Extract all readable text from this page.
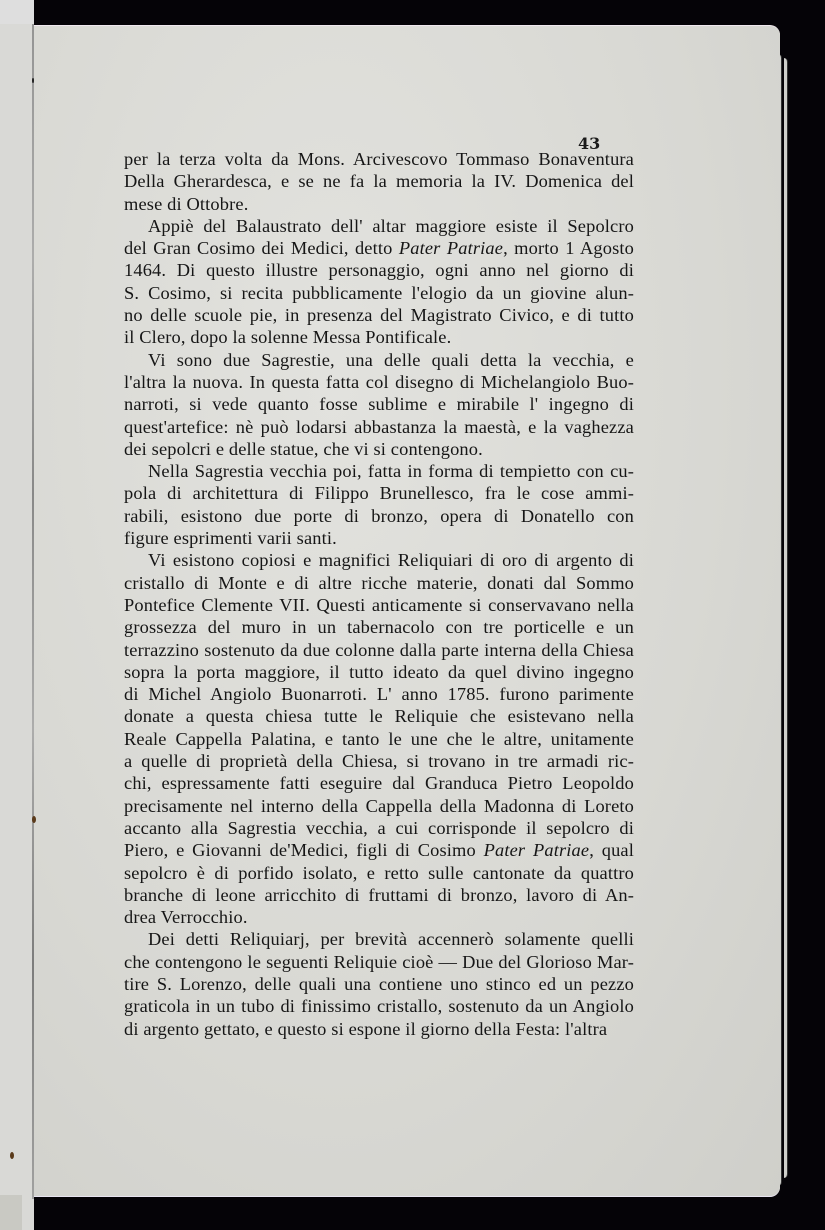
43
per la terza volta da Mons. Arcivescovo Tommaso Bonaventura
Della Gherardesca, e se ne fa la memoria la IV. Domenica del
mese di Ottobre.
Appiè del Balaustrato dell' altar maggiore esiste il Sepolcro
del Gran Cosimo dei Medici, detto Pater Patriae, morto 1 Agosto
1464. Di questo illustre personaggio, ogni anno nel giorno di
S. Cosimo, si recita pubblicamente l'elogio da un giovine alun-
no delle scuole pie, in presenza del Magistrato Civico, e di tutto
il Clero, dopo la solenne Messa Pontificale.
Vi sono due Sagrestie, una delle quali detta la vecchia, e
l'altra la nuova. In questa fatta col disegno di Michelangiolo Buo-
narroti, si vede quanto fosse sublime e mirabile l' ingegno di
quest'artefice: nè può lodarsi abbastanza la maestà, e la vaghezza
dei sepolcri e delle statue, che vi si contengono.
Nella Sagrestia vecchia poi, fatta in forma di tempietto con cu-
pola di architettura di Filippo Brunellesco, fra le cose ammi-
rabili, esistono due porte di bronzo, opera di Donatello con
figure esprimenti varii santi.
Vi esistono copiosi e magnifici Reliquiari di oro di argento di
cristallo di Monte e di altre ricche materie, donati dal Sommo
Pontefice Clemente VII. Questi anticamente si conservavano nella
grossezza del muro in un tabernacolo con tre porticelle e un
terrazzino sostenuto da due colonne dalla parte interna della Chiesa
sopra la porta maggiore, il tutto ideato da quel divino ingegno
di Michel Angiolo Buonarroti. L' anno 1785. furono parimente
donate a questa chiesa tutte le Reliquie che esistevano nella
Reale Cappella Palatina, e tanto le une che le altre, unitamente
a quelle di proprietà della Chiesa, si trovano in tre armadi ric-
chi, espressamente fatti eseguire dal Granduca Pietro Leopoldo
precisamente nel interno della Cappella della Madonna di Loreto
accanto alla Sagrestia vecchia, a cui corrisponde il sepolcro di
Piero, e Giovanni de'Medici, figli di Cosimo Pater Patriae, qual
sepolcro è di porfido isolato, e retto sulle cantonate da quattro
branche di leone arricchito di fruttami di bronzo, lavoro di An-
drea Verrocchio.
Dei detti Reliquiarj, per brevità accennerò solamente quelli
che contengono le seguenti Reliquie cioè — Due del Glorioso Mar-
tire S. Lorenzo, delle quali una contiene uno stinco ed un pezzo
graticola in un tubo di finissimo cristallo, sostenuto da un Angiolo
di argento gettato, e questo si espone il giorno della Festa: l'altra
